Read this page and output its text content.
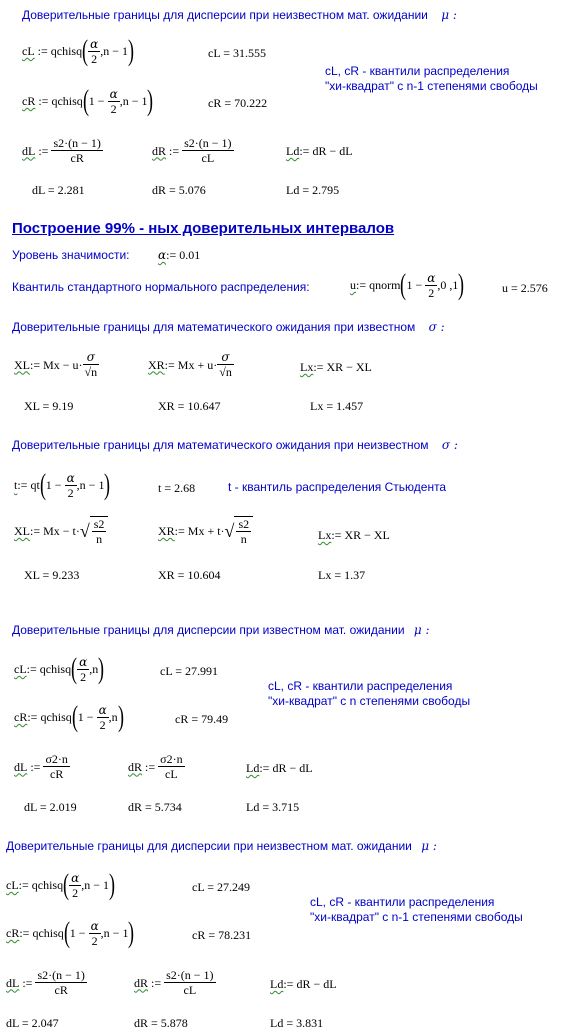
Доверительные границы для дисперсии при неизвестном мат. ожидании μ :
cL := qchisq ( $\frac{\alpha}{2} ,n - 1$ )	cL = 31.555
cL, cR - квантили распределения
"хи-квадрат" с n-1 степенями свободы
cR := qchisq ( 1 −
$\frac{\alpha}{2} ,n - 1$ )	cR = 70.222
dL := $\frac{s2\cdot(n - 1)}{cR}$	dR := $\frac{s2\cdot(n - 1)}{cL}$	Ld:= dR − dL
dL = 2.281	dR = 5.076	Ld = 2.795
Построение 99% - ных доверительных интервалов
Уровень значимости: α:= 0.01
Квантиль стандартного нормального распределения:	u := qnorm ( 1 −
$\frac{\alpha}{2} ,0$ ,1 )	u = 2.576
Доверительные границы для математического ожидания при известном σ :
XL := $Mx - u\cdot \frac{\sigma}{√n}$	XR := $Mx + u\cdot \frac{\sigma}{√n}$	Lx:= XR − XL
XL = 9.19	XR = 10.647	Lx = 1.457
Доверительные границы для математического ожидания при неизвестном σ :
t := qt ( 1 −
$\frac{\alpha}{2} ,n - 1$ )	t = 2.68	t - квантиль распределения Стьюдента
XL := Mx − t· √ $\frac{s2}{n}$	XR := Mx + t· √ $\frac{s2}{n}$	Lx:= XR − XL
XL = 9.233	XR = 10.604	Lx = 1.37
Доверительные границы для дисперсии при известном мат. ожидании μ :
cL := qchisq ( $\frac{\alpha}{2} ,n$ )	cL = 27.991
cL, cR - квантили распределения
"хи-квадрат" с n степенями свободы
cR := qchisq ( 1 −
$\frac{\alpha}{2} ,n$ )	cR = 79.49
dL := $\frac{\sigma 2\cdot n}{cR}$	dR := $\frac{\sigma 2\cdot n}{cL}$	Ld:= dR − dL
dL = 2.019	dR = 5.734	Ld = 3.715
Доверительные границы для дисперсии при неизвестном мат. ожидании μ :
cL := qchisq ( $\frac{\alpha}{2} ,n - 1$ )	cL = 27.249
cL, cR - квантили распределения
"хи-квадрат" с n-1 степенями свободы
cR := qchisq ( 1 −
$\frac{\alpha}{2} ,n - 1$ )	cR = 78.231
dL := $\frac{s2\cdot(n - 1)}{cR}$	dR := $\frac{s2\cdot(n - 1)}{cL}$	Ld:= dR − dL
dL = 2.047	dR = 5.878	Ld = 3.831
